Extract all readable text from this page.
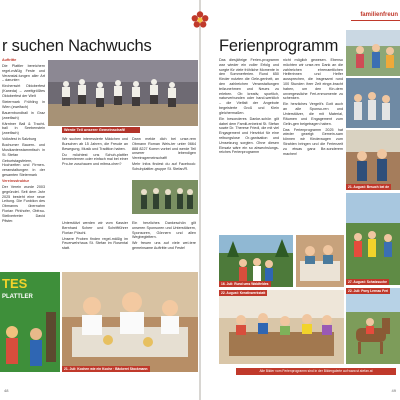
r suchen Nachwuchs

Auftritte

Die Plattler bereichern regel-mäßig Feste und Veranstal-tungen aller Art – darunter:

Kirchenwirt Oktoberfest (Kaneda) – zweitgrößtes Oktoberfest der Welt

Steiermark Frühling in Wien (zweifach)

Bauernbundball in Graz (zweifach)

Kärntner Ball & Tracht-ball in Seebenstein (zweifach)

Volksfest in Salzburg

Bochumer Bauern- und Musikantenstammtisch in St. Stefan

Geburtstagsfeiern, Hochzeiten und Firmen-veranstaltungen in der gesamten Steiermark

Vereinsstruktur

Der Verein wurde 2003 gegründet. Seit dem Jahr 2025 besteht eine neue Leitung. Die Funktion des Obmanns übernahm Florian Pirkhofer, Obfrau-Stellvertreter David Pfister.

Werde Teil unserer Gemeinschaft!

Wir suchen interessierte Mädchen und Burschen ab 15 Jahren, die Freude an Bewegung, Musik und Tradition haben.

Du möchtest uns Schuh-plattler kennenlernen oder einfach mal bei einer Pro-be zuschauen und mitma-chen?

Dann melde dich bei unse-rem Obmann Roman Weis-ter unter 0664 888 8227 Komm vorbei und werde Teil unserer lebendigen Vereinsgemeinschaft!

Mehr Infos findest du auf Facebook: Schuhplattler-gruppe St. Stefan/R.

Unterstützt werden wir vom Kassier Bernhard Scherr und Schriftführer Florian Pöschl.

Unsere Proben finden regel-mäßig im Feuerwehrhaus St. Stefan im Rosental statt.

Ein herzliches Dankeschön gilt unseren Sponsoren und Unterstützern, Sponsoren, Gönnern und allen Wegbegleitern.

Wir freuen uns auf viele wei-tere gemeinsame Auftritte und Feste!

TES
PLATTLER
21. Juli: Kochen wie ein Koche · Bäckerei Stockmann
48
familienfreun
Ferienprogramm

Das diesjährige Ferien-programm war wieder ein voller Erfolg und sorgte für viele fröhliche Momente in den Sommerferien. Rund 650 Kinder nutzten die Gele-genheit, an den zahlreichen Veranstaltungen teilzunehmen und Neues zu erleben. Ob kreativ, sportlich, naturverbunden oder hand-werklich – die Vielfalt der Angebote begeisterte Groß und Klein gleichermaßen.

Ein besonderes Danke-schön gilt dabei dem Famili-enbeirat St. Stefan sowie Dr. Therese Friedl, die mit viel Engagement und Herzblut für eine reibungslose Or-ganisation und Umsetzung sorgten. Ohne diesen Einsatz wäre ein so abwechslungs-reiches Ferienprogramm

nicht möglich gewesen. Ebenso möchten wir unse-ren Dank an die zahlreichen ehrenamtlichen Helferinnen und Helfer aussprechen, die insgesamt rund 100 Stunden ihrer Zeit einge-bracht haben, um den Kin-dern unvergessliche Feri-enmomente zu schenken.

Ein herzliches Vergelt's Gott auch an alle Sponso-ren und Unterstützer, die mit Material, Räumen und Engagement zum Gelin-gen beigetragen haben.

Das Ferienprogramm 2025 hat wieder gezeigt: Gemein-sam können wir Kinderaugen zum Strahlen bringen und die Ferienzeit zu etwas ganz Be-sonderem machen!

21. August: Besuch bei de
27. August: Schatzsuche
16. Juli: Rund ums Waldfeldes
22. August: Kreativwerkstatt	22. Juli: Pony Lernau Feri
49
Alle Bilder vom Ferienprogramm sind in der Bildergalerie auf www.st.stefan.at
